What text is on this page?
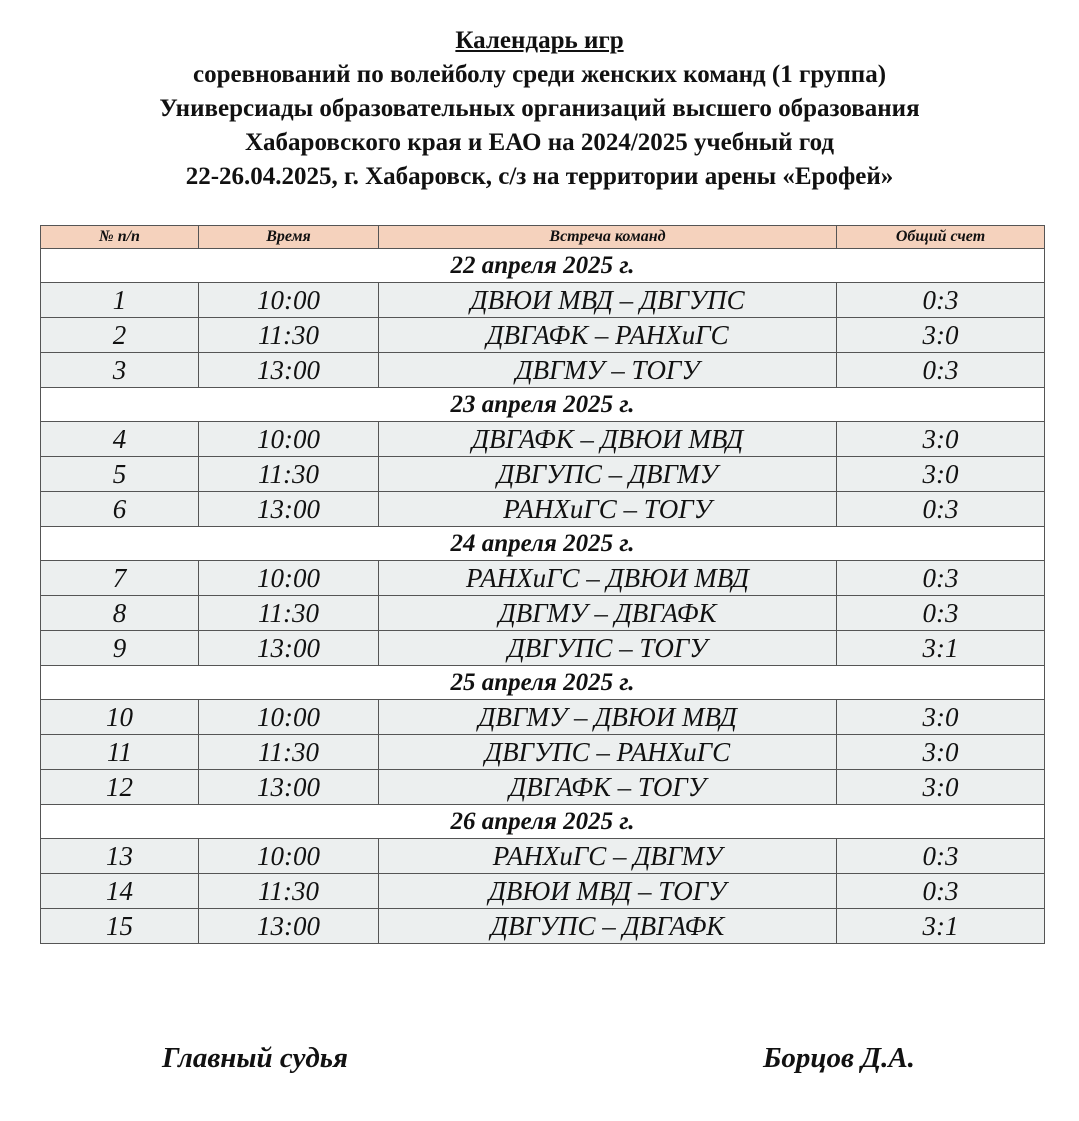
Календарь игр
соревнований по волейболу среди женских команд (1 группа)
Универсиады образовательных организаций высшего образования
Хабаровского края и ЕАО на 2024/2025 учебный год
22-26.04.2025, г. Хабаровск, с/з на территории арены «Ерофей»
№ п/п	Время	Встреча команд	Общий счет
22 апреля 2025 г.			
1	10:00	ДВЮИ МВД – ДВГУПС	0:3
2	11:30	ДВГАФК – РАНХиГС	3:0
3	13:00	ДВГМУ – ТОГУ	0:3
23 апреля 2025 г.			
4	10:00	ДВГАФК – ДВЮИ МВД	3:0
5	11:30	ДВГУПС – ДВГМУ	3:0
6	13:00	РАНХиГС – ТОГУ	0:3
24 апреля 2025 г.			
7	10:00	РАНХиГС – ДВЮИ МВД	0:3
8	11:30	ДВГМУ – ДВГАФК	0:3
9	13:00	ДВГУПС – ТОГУ	3:1
25 апреля 2025 г.			
10	10:00	ДВГМУ – ДВЮИ МВД	3:0
11	11:30	ДВГУПС – РАНХиГС	3:0
12	13:00	ДВГАФК – ТОГУ	3:0
26 апреля 2025 г.			
13	10:00	РАНХиГС – ДВГМУ	0:3
14	11:30	ДВЮИ МВД – ТОГУ	0:3
15	13:00	ДВГУПС – ДВГАФК	3:1
Главный судья	Борцов Д.А.
